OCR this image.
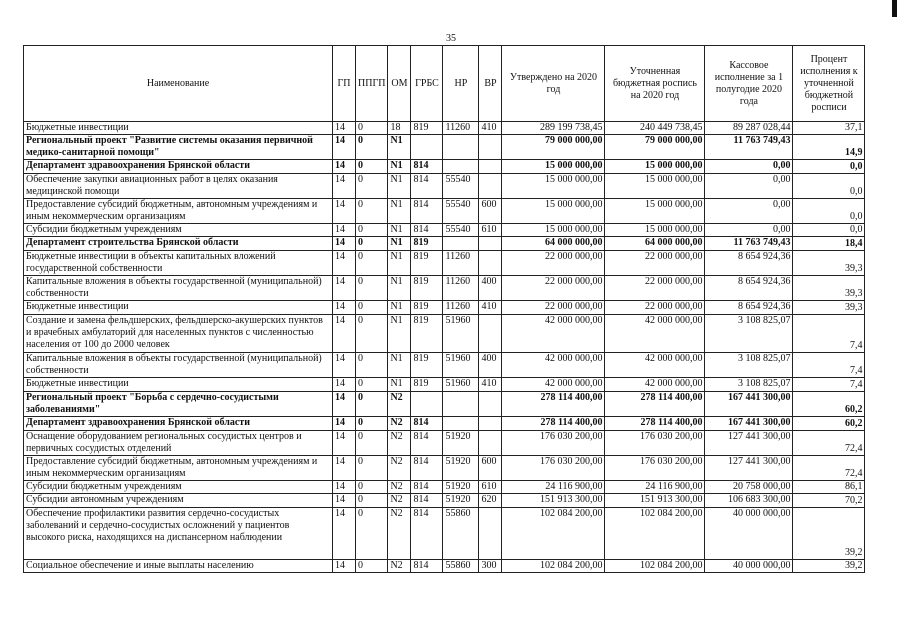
35
Наименование	ГП	ППГП	ОМ	ГРБС	НР	ВР	Утверждено на 2020 год	Уточненная бюджетная роспись на 2020 год	Кассовое исполнение за 1 полугодие 2020 года	Процент исполнения к уточненной бюджетной росписи
Бюджетные инвестиции	14	0	18	819	11260	410	289 199 738,45	240 449 738,45	89 287 028,44	37,1
Региональный проект "Развитие системы оказания первичной медико-санитарной помощи"	14	0	N1				79 000 000,00	79 000 000,00	11 763 749,43	14,9
Департамент здравоохранения Брянской области	14	0	N1	814			15 000 000,00	15 000 000,00	0,00	0,0
Обеспечение закупки авиационных работ в целях оказания медицинской помощи	14	0	N1	814	55540		15 000 000,00	15 000 000,00	0,00	0,0
Предоставление субсидий бюджетным, автономным учреждениям и иным некоммерческим организациям	14	0	N1	814	55540	600	15 000 000,00	15 000 000,00	0,00	0,0
Субсидии бюджетным учреждениям	14	0	N1	814	55540	610	15 000 000,00	15 000 000,00	0,00	0,0
Департамент строительства Брянской области	14	0	N1	819			64 000 000,00	64 000 000,00	11 763 749,43	18,4
Бюджетные инвестиции в объекты капитальных вложений государственной собственности	14	0	N1	819	11260		22 000 000,00	22 000 000,00	8 654 924,36	39,3
Капитальные вложения в объекты государственной (муниципальной) собственности	14	0	N1	819	11260	400	22 000 000,00	22 000 000,00	8 654 924,36	39,3
Бюджетные инвестиции	14	0	N1	819	11260	410	22 000 000,00	22 000 000,00	8 654 924,36	39,3
Создание и замена фельдшерских, фельдшерско-акушерских пунктов и врачебных амбулаторий для населенных пунктов с численностью населения от 100 до 2000 человек	14	0	N1	819	51960		42 000 000,00	42 000 000,00	3 108 825,07	7,4
Капитальные вложения в объекты государственной (муниципальной) собственности	14	0	N1	819	51960	400	42 000 000,00	42 000 000,00	3 108 825,07	7,4
Бюджетные инвестиции	14	0	N1	819	51960	410	42 000 000,00	42 000 000,00	3 108 825,07	7,4
Региональный проект "Борьба с сердечно-сосудистыми заболеваниями"	14	0	N2				278 114 400,00	278 114 400,00	167 441 300,00	60,2
Департамент здравоохранения Брянской области	14	0	N2	814			278 114 400,00	278 114 400,00	167 441 300,00	60,2
Оснащение оборудованием региональных сосудистых центров и первичных сосудистых отделений	14	0	N2	814	51920		176 030 200,00	176 030 200,00	127 441 300,00	72,4
Предоставление субсидий бюджетным, автономным учреждениям и иным некоммерческим организациям	14	0	N2	814	51920	600	176 030 200,00	176 030 200,00	127 441 300,00	72,4
Субсидии бюджетным учреждениям	14	0	N2	814	51920	610	24 116 900,00	24 116 900,00	20 758 000,00	86,1
Субсидии автономным учреждениям	14	0	N2	814	51920	620	151 913 300,00	151 913 300,00	106 683 300,00	70,2
Обеспечение профилактики развития сердечно-сосудистых заболеваний и сердечно-сосудистых осложнений у пациентов высокого риска, находящихся на диспансерном наблюдении	14	0	N2	814	55860		102 084 200,00	102 084 200,00	40 000 000,00	39,2
Социальное обеспечение и иные выплаты населению	14	0	N2	814	55860	300	102 084 200,00	102 084 200,00	40 000 000,00	39,2
